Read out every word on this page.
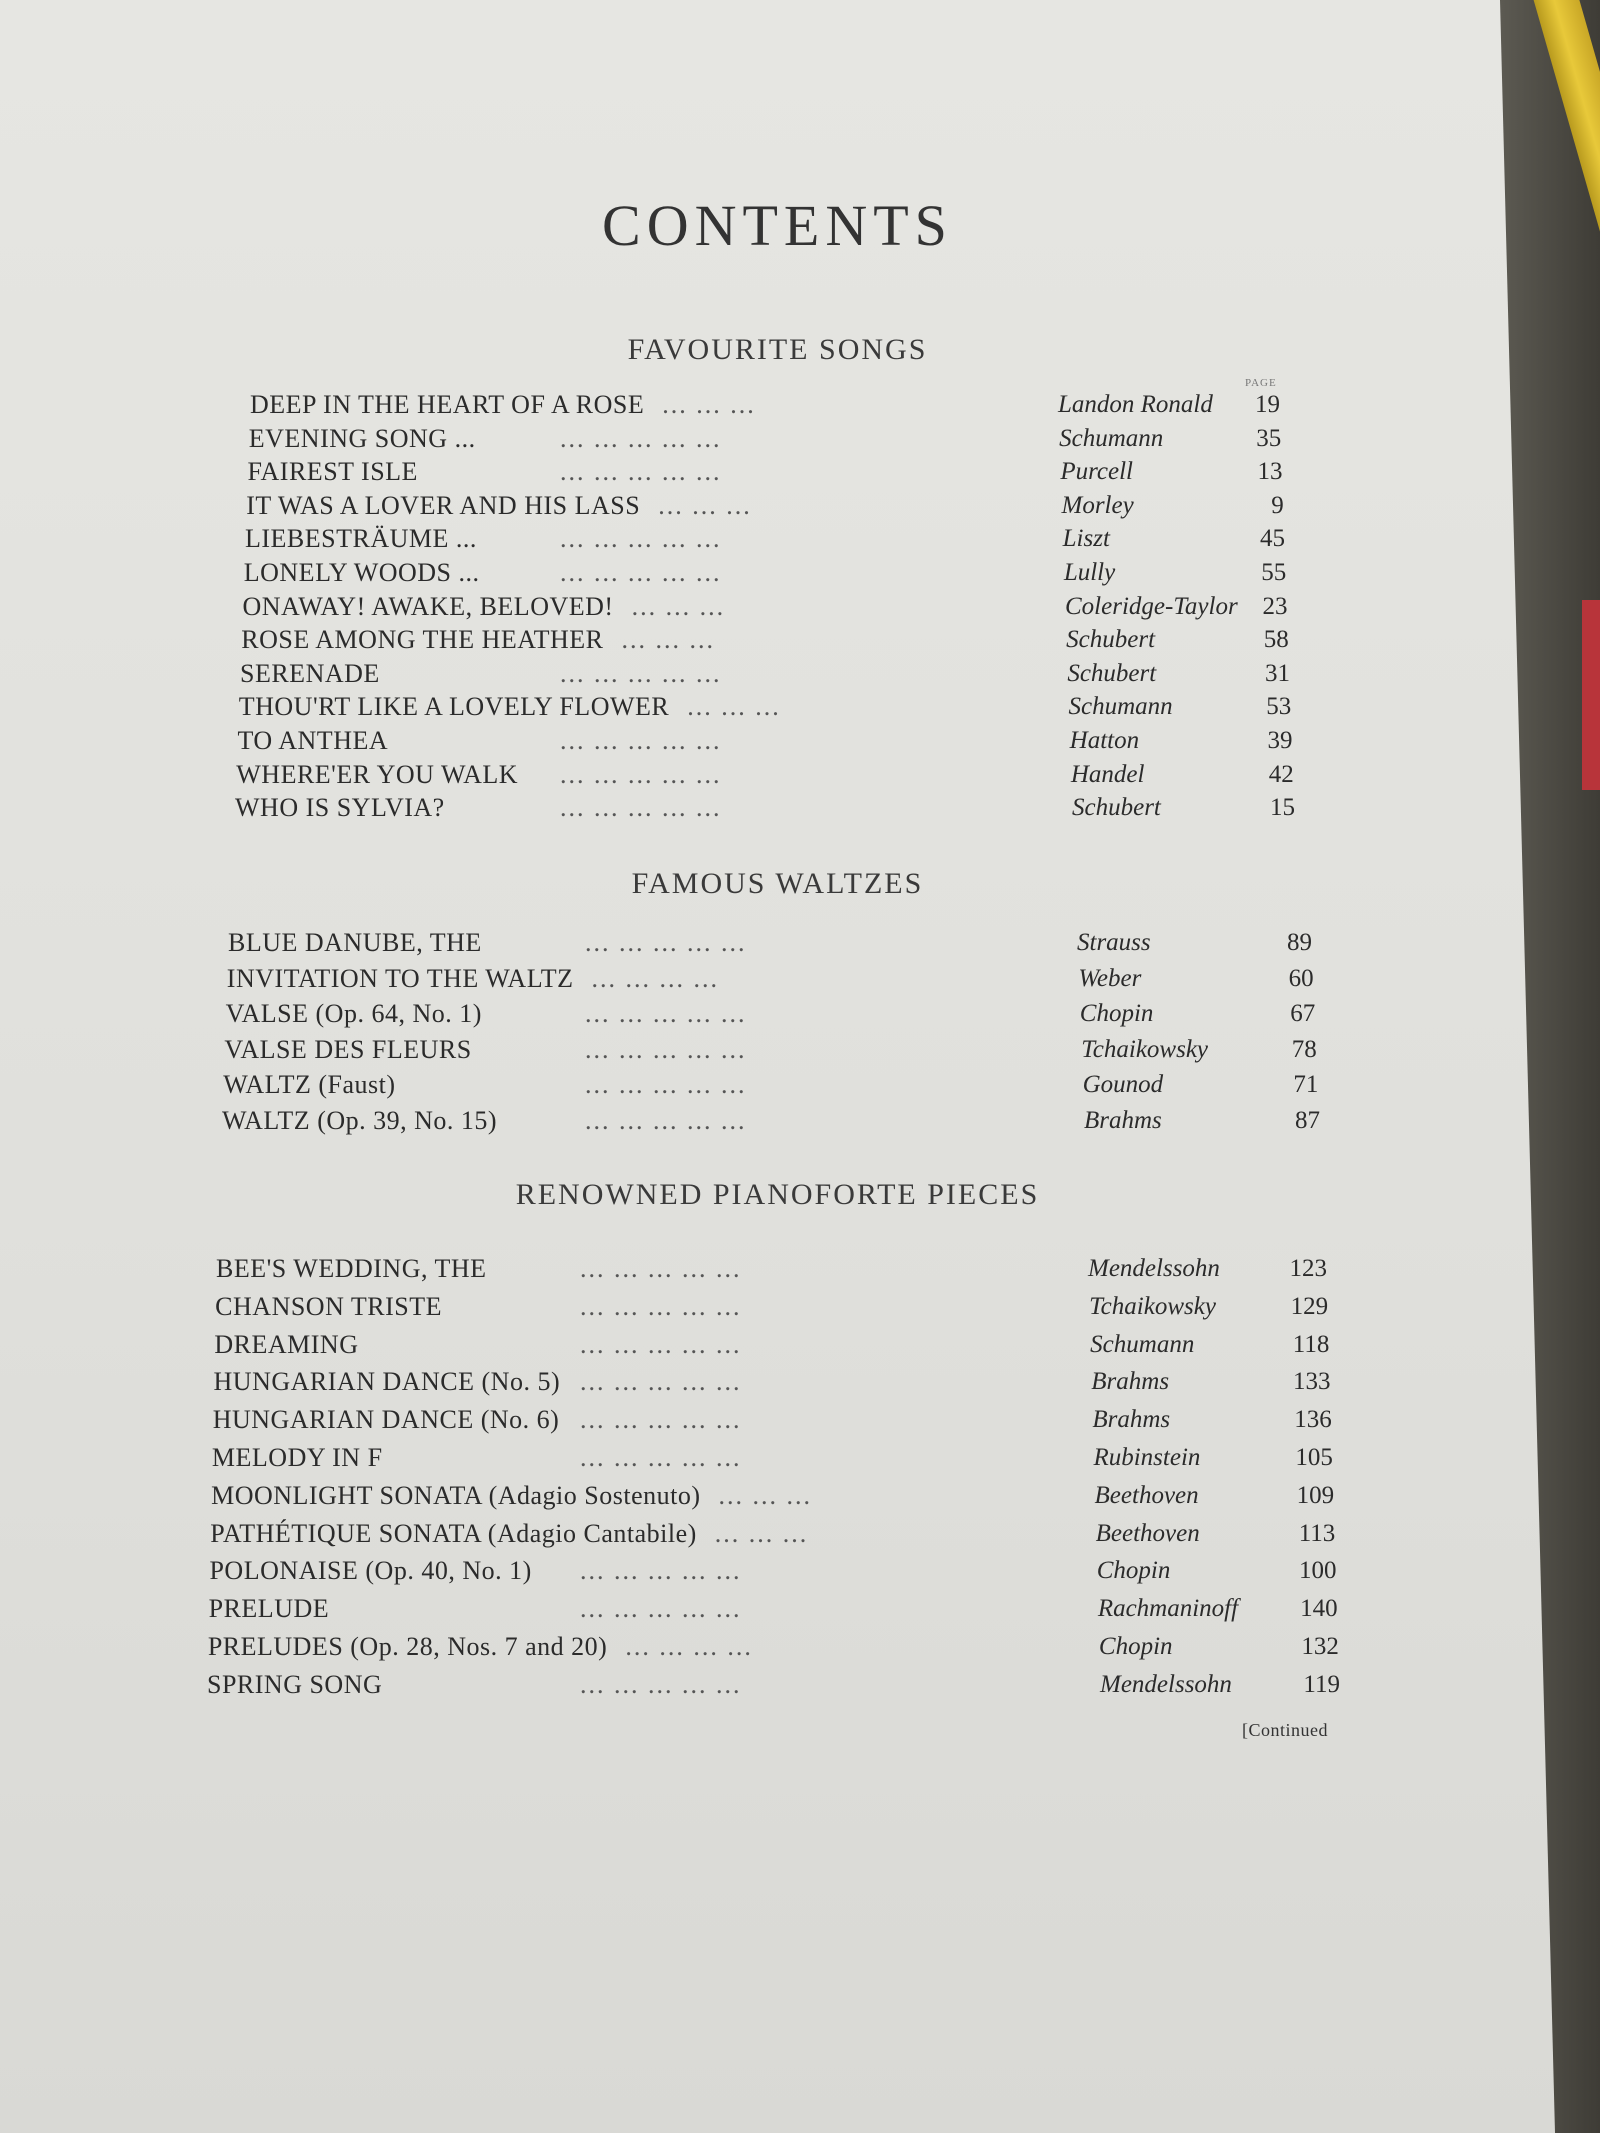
CONTENTS
PAGE
FAVOURITE SONGS
DEEP IN THE HEART OF A ROSE ... ... ...	Landon Ronald	19
EVENING SONG ...	... ... ... ... ...	Schumann	35
FAIREST ISLE	... ... ... ... ...	Purcell	13
IT WAS A LOVER AND HIS LASS ... ... ...	Morley	9
LIEBESTRÄUME ...	... ... ... ... ...	Liszt	45
LONELY WOODS ...	... ... ... ... ...	Lully	55
ONAWAY! AWAKE, BELOVED! ... ... ...	Coleridge-Taylor 23
ROSE AMONG THE HEATHER ... ... ...	Schubert	58
SERENADE	... ... ... ... ...	Schubert	31
THOU'RT LIKE A LOVELY FLOWER ... ... ...	Schumann	53
TO ANTHEA	... ... ... ... ...	Hatton	39
WHERE'ER YOU WALK ... ... ... ... ...	Handel	42
WHO IS SYLVIA?	... ... ... ... ...	Schubert	15
FAMOUS WALTZES
BLUE DANUBE, THE	... ... ... ... ...	Strauss	89
INVITATION TO THE WALTZ ... ... ... ...	Weber	60
VALSE (Op. 64, No. 1)	... ... ... ... ...	Chopin	67
VALSE DES FLEURS	... ... ... ... ...	Tchaikowsky	78
WALTZ (Faust)	... ... ... ... ...	Gounod	71
WALTZ (Op. 39, No. 15)	... ... ... ... ...	Brahms	87
RENOWNED PIANOFORTE PIECES
BEE'S WEDDING, THE	... ... ... ... ...	Mendelssohn	123
CHANSON TRISTE	... ... ... ... ...	Tchaikowsky	129
DREAMING	... ... ... ... ...	Schumann	118
HUNGARIAN DANCE (No. 5) ... ... ... ... ...	Brahms	133
HUNGARIAN DANCE (No. 6) ... ... ... ... ...	Brahms	136
MELODY IN F	... ... ... ... ...	Rubinstein	105
MOONLIGHT SONATA (Adagio Sostenuto) ... ... ...	Beethoven	109
PATHÉTIQUE SONATA (Adagio Cantabile) ... ... ...	Beethoven	113
POLONAISE (Op. 40, No. 1) ... ... ... ... ...	Chopin	100
PRELUDE	... ... ... ... ...	Rachmaninoff	140
PRELUDES (Op. 28, Nos. 7 and 20) ... ... ... ...	Chopin	132
SPRING SONG	... ... ... ... ...	Mendelssohn	119
[Continued
